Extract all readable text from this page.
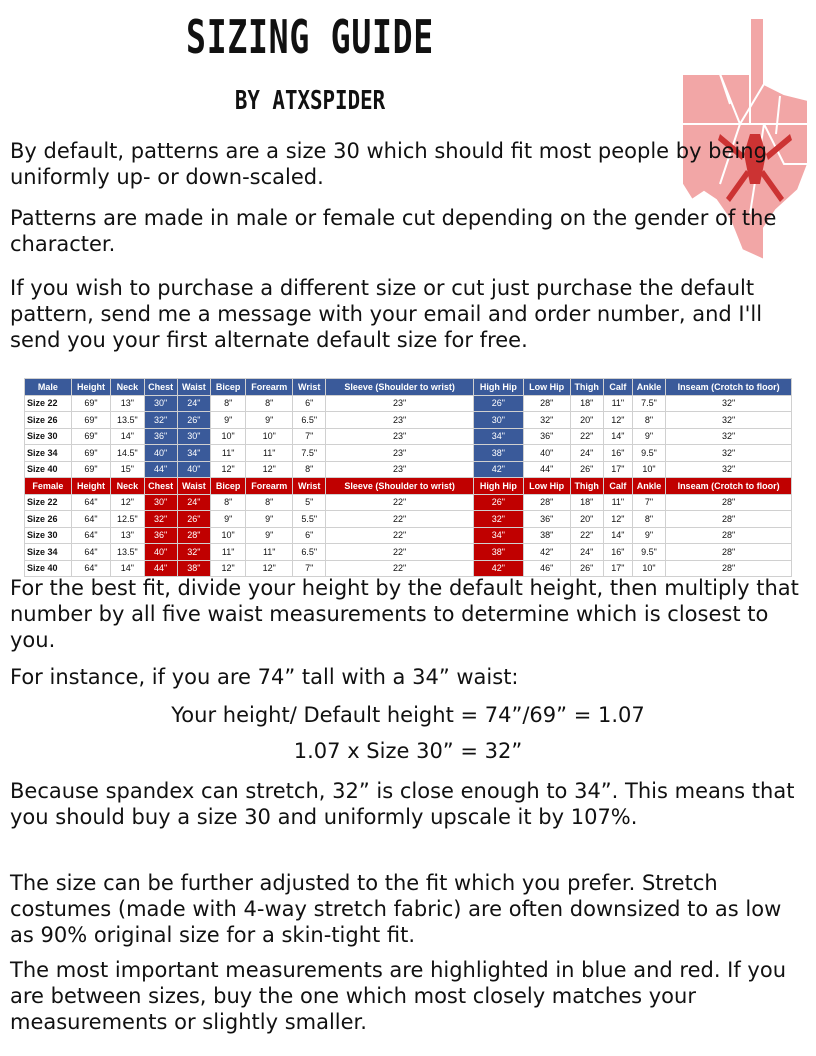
SIZING GUIDE
BY ATXSPIDER
By default, patterns are a size 30 which should fit most people by being uniformly up- or down-scaled.
Patterns are made in male or female cut depending on the gender of the character.
If you wish to purchase a different size or cut just purchase the default pattern, send me a message with your email and order number, and I'll send you your first alternate default size for free.
Male	Height	Neck	Chest	Waist	Bicep	Forearm	Wrist	Sleeve (Shoulder to wrist)	High Hip	Low Hip	Thigh	Calf	Ankle	Inseam (Crotch to floor)
Size 22	69"	13"	30"	24"	8"	8"	6"	23"	26"	28"	18"	11"	7.5"	32"
Size 26	69"	13.5"	32"	26"	9"	9"	6.5"	23"	30"	32"	20"	12"	8"	32"
Size 30	69"	14"	36"	30"	10"	10"	7"	23"	34"	36"	22"	14"	9"	32"
Size 34	69"	14.5"	40"	34"	11"	11"	7.5"	23"	38"	40"	24"	16"	9.5"	32"
Size 40	69"	15"	44"	40"	12"	12"	8"	23"	42"	44"	26"	17"	10"	32"
Female	Height	Neck	Chest	Waist	Bicep	Forearm	Wrist	Sleeve (Shoulder to wrist)	High Hip	Low Hip	Thigh	Calf	Ankle	Inseam (Crotch to floor)
Size 22	64"	12"	30"	24"	8"	8"	5"	22"	26"	28"	18"	11"	7"	28"
Size 26	64"	12.5"	32"	26"	9"	9"	5.5"	22"	32"	36"	20"	12"	8"	28"
Size 30	64"	13"	36"	28"	10"	9"	6"	22"	34"	38"	22"	14"	9"	28"
Size 34	64"	13.5"	40"	32"	11"	11"	6.5"	22"	38"	42"	24"	16"	9.5"	28"
Size 40	64"	14"	44"	38"	12"	12"	7"	22"	42"	46"	26"	17"	10"	28"
For the best fit, divide your height by the default height, then multiply that number by all five waist measurements to determine which is closest to you.
For instance, if you are 74” tall with a 34” waist:
Your height/ Default height = 74”/69” = 1.07
1.07 x Size 30” = 32”
Because spandex can stretch, 32” is close enough to 34”. This means that you should buy a size 30 and uniformly upscale it by 107%.
The size can be further adjusted to the fit which you prefer. Stretch costumes (made with 4-way stretch fabric) are often downsized to as low as 90% original size for a skin-tight fit.
The most important measurements are highlighted in blue and red. If you are between sizes, buy the one which most closely matches your measurements or slightly smaller.
